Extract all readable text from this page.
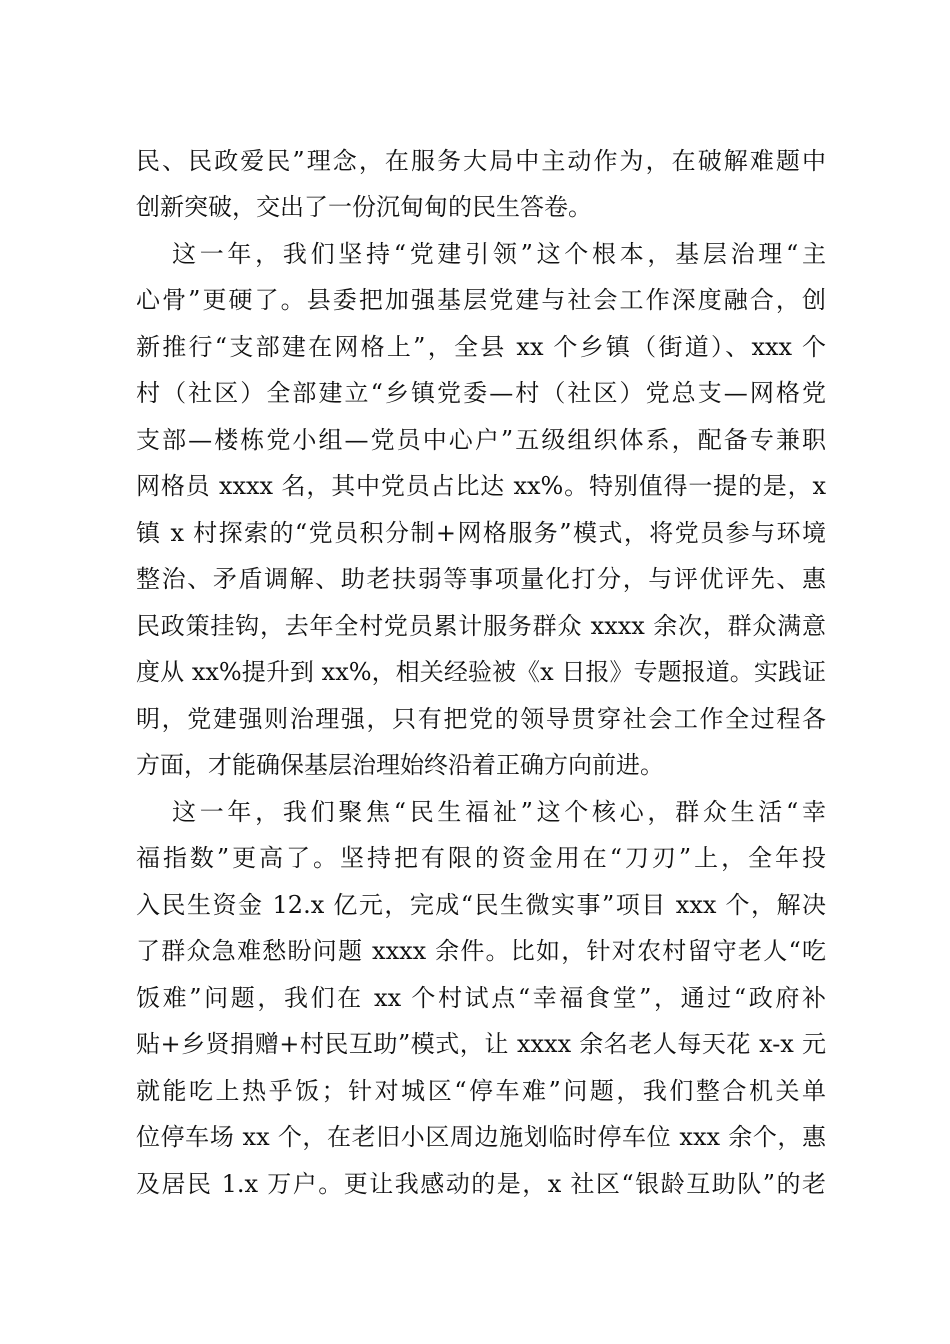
民、民政爱民”理念，在服务大局中主动作为，在破解难题中

创新突破，交出了一份沉甸甸的民生答卷。

这一年，我们坚持“党建引领”这个根本，基层治理“主

心骨”更硬了。县委把加强基层党建与社会工作深度融合，创

新推行“支部建在网格上”，全县 xx 个乡镇（街道）、xxx 个

村（社区）全部建立“乡镇党委—村（社区）党总支—网格党

支部—楼栋党小组—党员中心户”五级组织体系，配备专兼职

网格员 xxxx 名，其中党员占比达 xx%。特别值得一提的是，x

镇 x 村探索的“党员积分制+网格服务”模式，将党员参与环境

整治、矛盾调解、助老扶弱等事项量化打分，与评优评先、惠

民政策挂钩，去年全村党员累计服务群众 xxxx 余次，群众满意

度从 xx%提升到 xx%，相关经验被《x 日报》专题报道。实践证

明，党建强则治理强，只有把党的领导贯穿社会工作全过程各

方面，才能确保基层治理始终沿着正确方向前进。

这一年，我们聚焦“民生福祉”这个核心，群众生活“幸

福指数”更高了。坚持把有限的资金用在“刀刃”上，全年投

入民生资金 12.x 亿元，完成“民生微实事”项目 xxx 个，解决

了群众急难愁盼问题 xxxx 余件。比如，针对农村留守老人“吃

饭难”问题，我们在 xx 个村试点“幸福食堂”，通过“政府补

贴+乡贤捐赠+村民互助”模式，让 xxxx 余名老人每天花 x-x 元

就能吃上热乎饭；针对城区“停车难”问题，我们整合机关单

位停车场 xx 个，在老旧小区周边施划临时停车位 xxx 余个，惠

及居民 1.x 万户。更让我感动的是，x 社区“银龄互助队”的老
